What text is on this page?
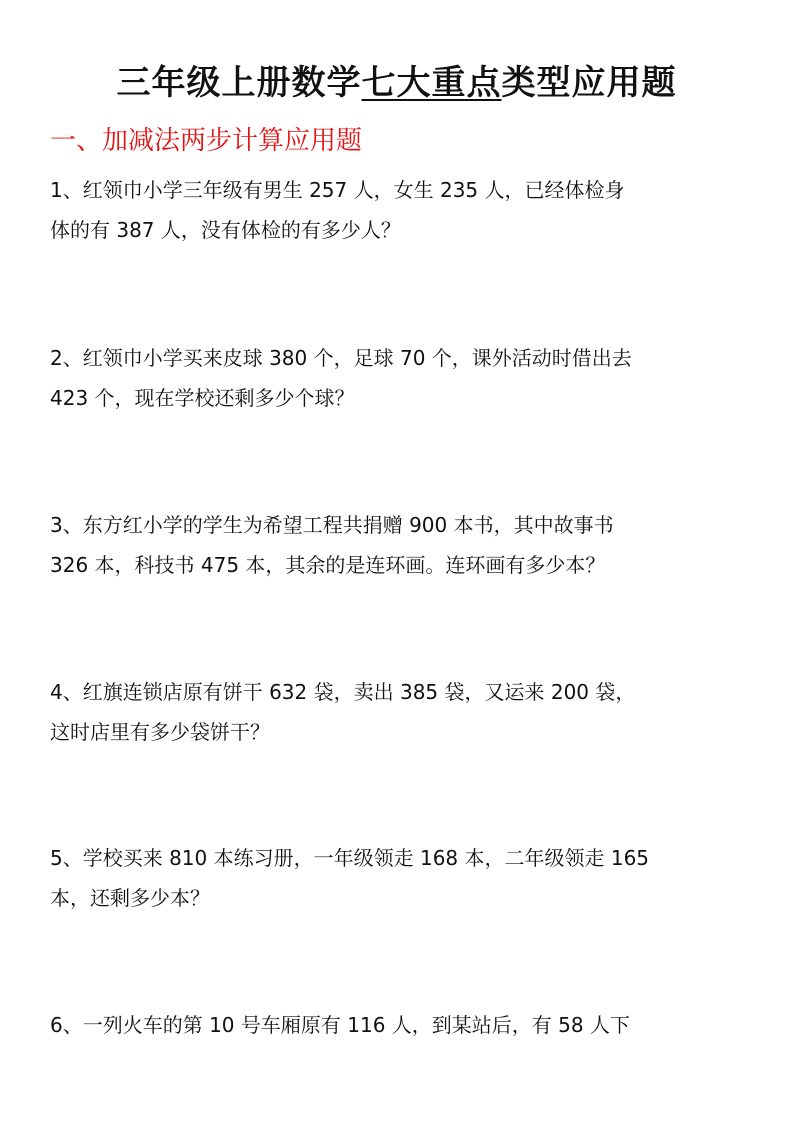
三年级上册数学七大重点类型应用题
一、加减法两步计算应用题
1、红领巾小学三年级有男生 257 人，女生 235 人，已经体检身
体的有 387 人，没有体检的有多少人？
2、红领巾小学买来皮球 380 个，足球 70 个，课外活动时借出去
423 个，现在学校还剩多少个球？
3、东方红小学的学生为希望工程共捐赠 900 本书，其中故事书
326 本，科技书 475 本，其余的是连环画。连环画有多少本？
4、红旗连锁店原有饼干 632 袋，卖出 385 袋，又运来 200 袋，
这时店里有多少袋饼干？
5、学校买来 810 本练习册，一年级领走 168 本，二年级领走 165
本，还剩多少本？
6、一列火车的第 10 号车厢原有 116 人，到某站后，有 58 人下
